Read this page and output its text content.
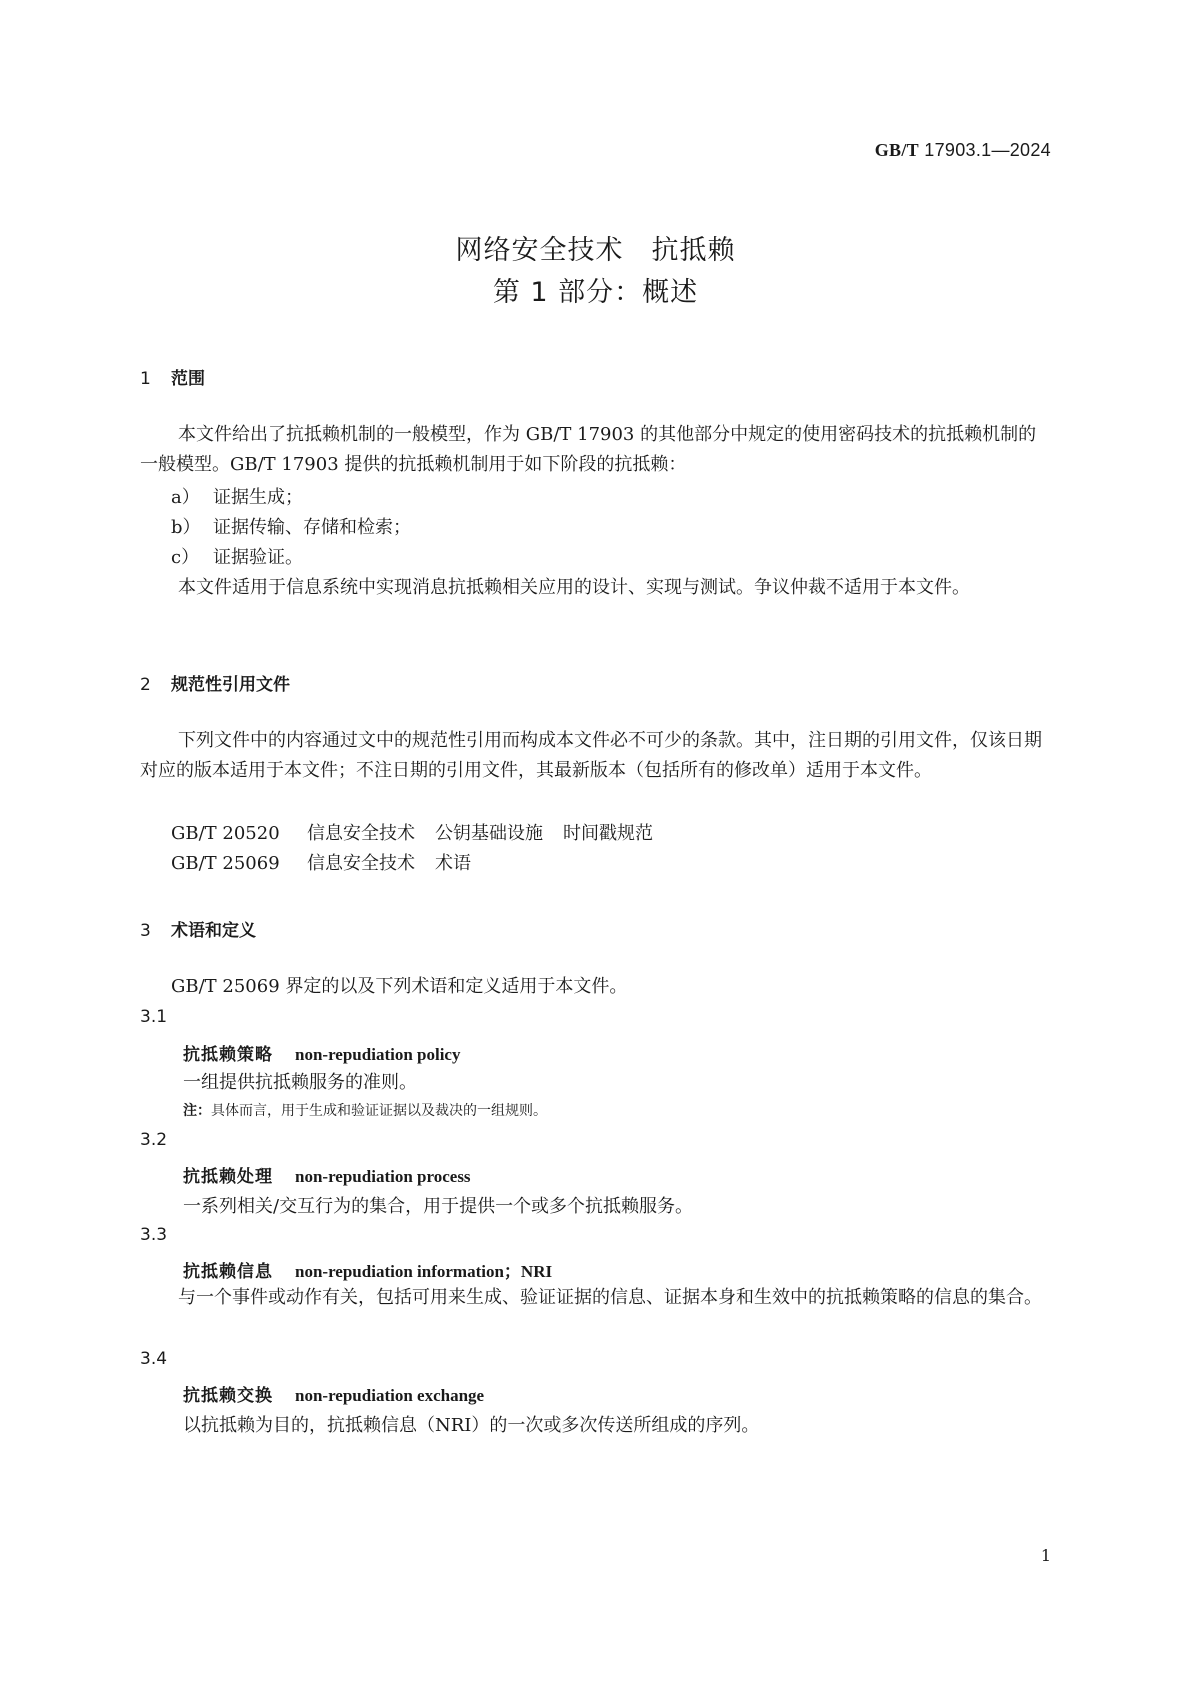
GB/T 17903.1—2024
网络安全技术　抗抵赖
第 1 部分：概述
1 范围
本文件给出了抗抵赖机制的一般模型，作为 GB/T 17903 的其他部分中规定的使用密码技术的抗抵赖机制的一般模型。GB/T 17903 提供的抗抵赖机制用于如下阶段的抗抵赖：
a） 证据生成；
b） 证据传输、存储和检索；
c） 证据验证。
本文件适用于信息系统中实现消息抗抵赖相关应用的设计、实现与测试。争议仲裁不适用于本文件。
2 规范性引用文件
下列文件中的内容通过文中的规范性引用而构成本文件必不可少的条款。其中，注日期的引用文件，仅该日期对应的版本适用于本文件；不注日期的引用文件，其最新版本（包括所有的修改单）适用于本文件。
GB/T 20520 信息安全技术 公钥基础设施 时间戳规范
GB/T 25069 信息安全技术 术语
3 术语和定义
GB/T 25069 界定的以及下列术语和定义适用于本文件。
3.1
抗抵赖策略 non-repudiation policy
一组提供抗抵赖服务的准则。
注：具体而言，用于生成和验证证据以及裁决的一组规则。
3.2
抗抵赖处理 non-repudiation process
一系列相关/交互行为的集合，用于提供一个或多个抗抵赖服务。
3.3
抗抵赖信息 non-repudiation information；NRI
与一个事件或动作有关，包括可用来生成、验证证据的信息、证据本身和生效中的抗抵赖策略的信息的集合。
3.4
抗抵赖交换 non-repudiation exchange
以抗抵赖为目的，抗抵赖信息（NRI）的一次或多次传送所组成的序列。
1
